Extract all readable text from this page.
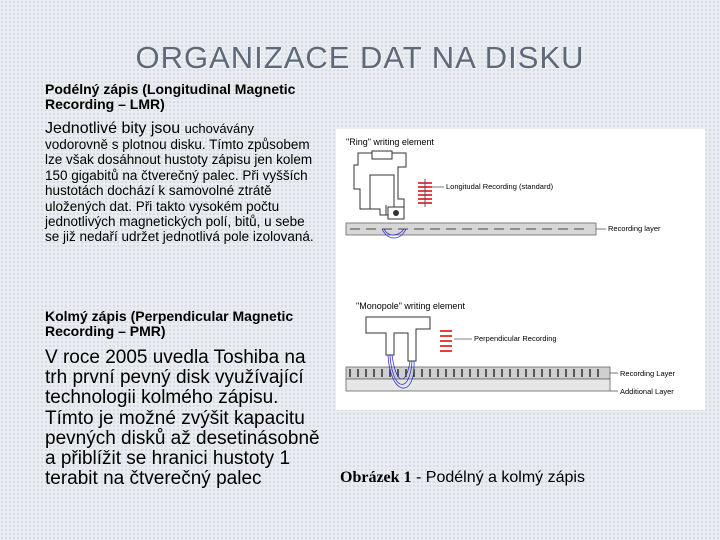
ORGANIZACE DAT NA DISKU
Podélný zápis (Longitudinal Magnetic Recording – LMR)
Jednotlivé bity jsou uchovávány
vodorovně s plotnou disku. Tímto způsobem lze však dosáhnout hustoty zápisu jen kolem 150 gigabitů na čtverečný palec. Při vyšších hustotách dochází k samovolné ztrátě uložených dat. Při takto vysokém počtu jednotlivých magnetických polí, bitů, u sebe se již nedaří udržet jednotlivá pole izolovaná.
Kolmý zápis (Perpendicular Magnetic Recording – PMR)
V roce 2005 uvedla Toshiba na trh první pevný disk využívající technologii kolmého zápisu. Tímto je možné zvýšit kapacitu pevných disků až desetinásobně a přiblížit se hranici hustoty 1 terabit na čtverečný palec
"Ring" writing element
Longitudal Recording (standard)
Recording layer
"Monopole" writing element
Perpendicular Recording
Recording Layer
Additional Layer
Obrázek 1 - Podélný a kolmý zápis
